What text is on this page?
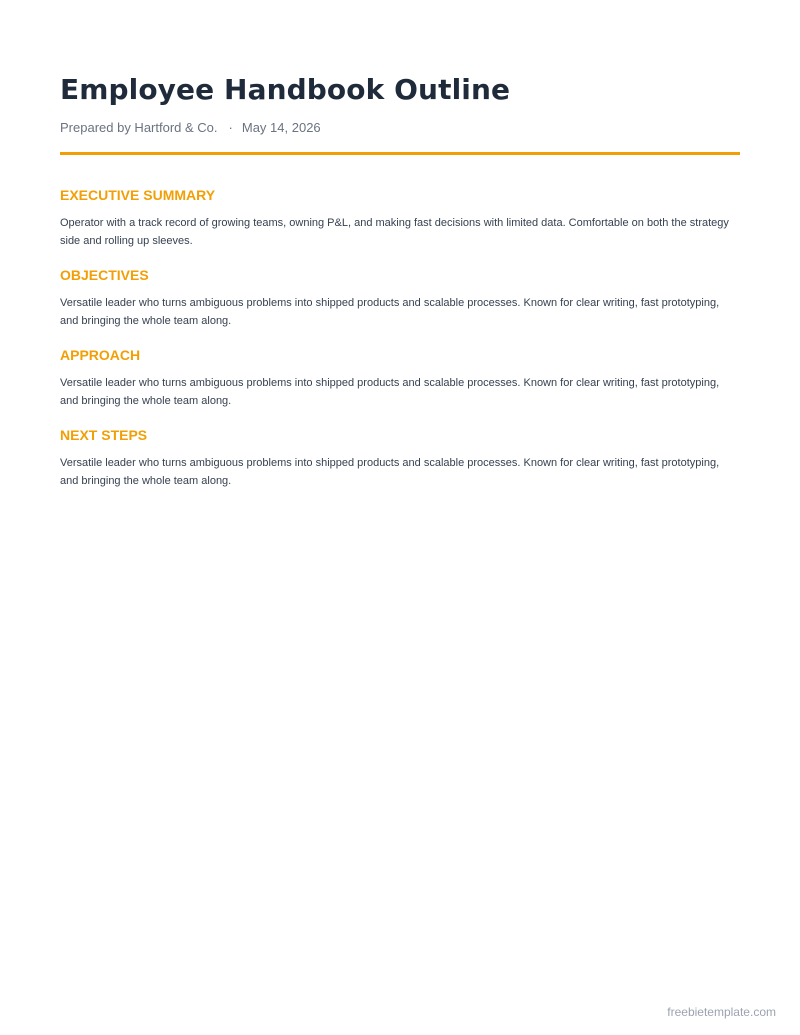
Employee Handbook Outline
Prepared by Hartford & Co. · May 14, 2026
EXECUTIVE SUMMARY

Operator with a track record of growing teams, owning P&L, and making fast decisions with limited data. Comfortable on both the strategy side and rolling up sleeves.

OBJECTIVES

Versatile leader who turns ambiguous problems into shipped products and scalable processes. Known for clear writing, fast prototyping, and bringing the whole team along.

APPROACH

Versatile leader who turns ambiguous problems into shipped products and scalable processes. Known for clear writing, fast prototyping, and bringing the whole team along.

NEXT STEPS

Versatile leader who turns ambiguous problems into shipped products and scalable processes. Known for clear writing, fast prototyping, and bringing the whole team along.

freebietemplate.com
